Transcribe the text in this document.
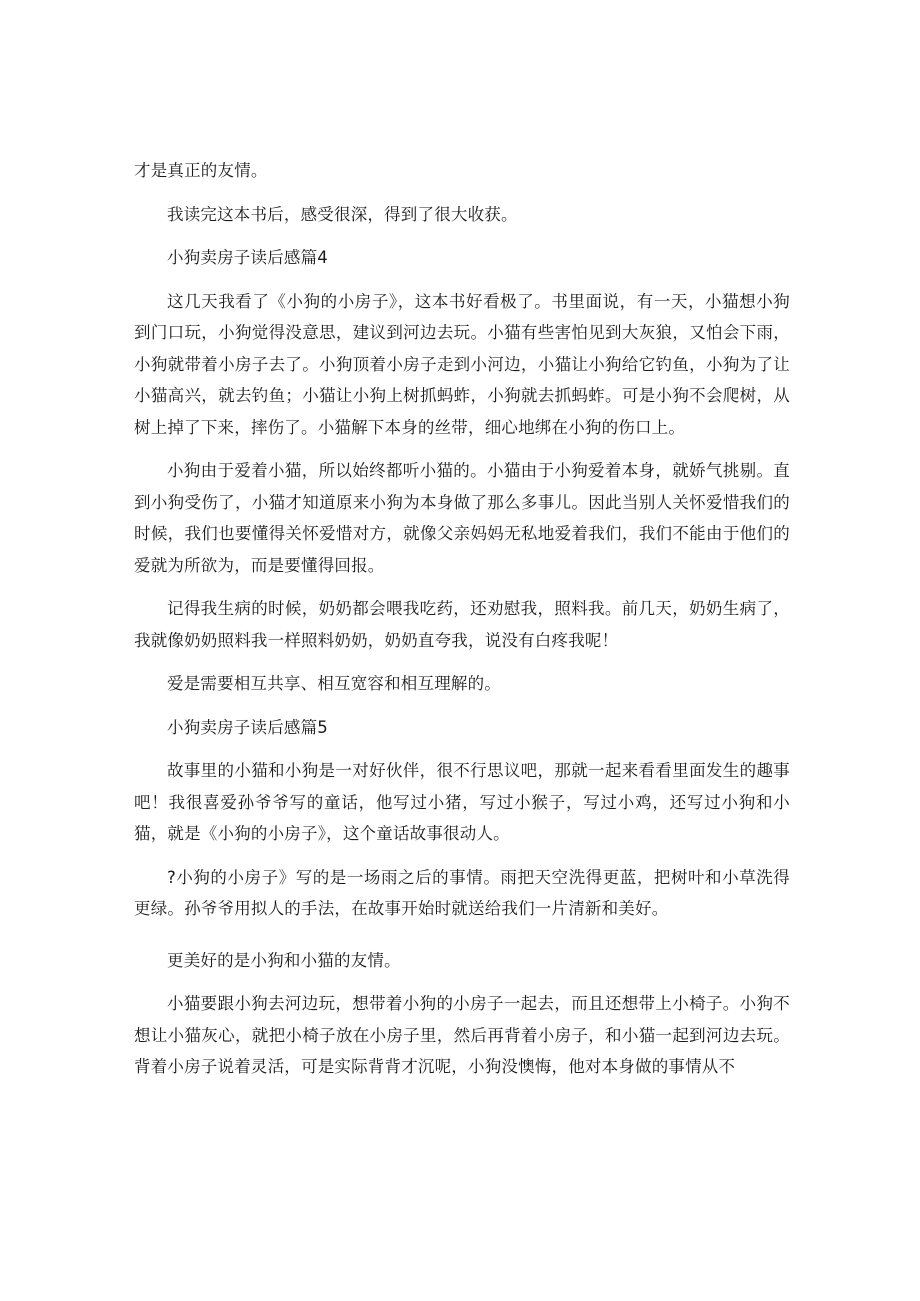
才是真正的友情。

我读完这本书后，感受很深，得到了很大收获。

小狗卖房子读后感篇4

这几天我看了《小狗的小房子》，这本书好看极了。书里面说，有一天，小猫想小狗到门口玩，小狗觉得没意思，建议到河边去玩。小猫有些害怕见到大灰狼，又怕会下雨，小狗就带着小房子去了。小狗顶着小房子走到小河边，小猫让小狗给它钓鱼，小狗为了让小猫高兴，就去钓鱼；小猫让小狗上树抓蚂蚱，小狗就去抓蚂蚱。可是小狗不会爬树，从树上掉了下来，摔伤了。小猫解下本身的丝带，细心地绑在小狗的伤口上。

小狗由于爱着小猫，所以始终都听小猫的。小猫由于小狗爱着本身，就娇气挑剔。直到小狗受伤了，小猫才知道原来小狗为本身做了那么多事儿。因此当别人关怀爱惜我们的时候，我们也要懂得关怀爱惜对方，就像父亲妈妈无私地爱着我们，我们不能由于他们的爱就为所欲为，而是要懂得回报。

记得我生病的时候，奶奶都会喂我吃药，还劝慰我，照料我。前几天，奶奶生病了，我就像奶奶照料我一样照料奶奶，奶奶直夸我，说没有白疼我呢！

爱是需要相互共享、相互宽容和相互理解的。

小狗卖房子读后感篇5

故事里的小猫和小狗是一对好伙伴，很不行思议吧，那就一起来看看里面发生的趣事吧！我很喜爱孙爷爷写的童话，他写过小猪，写过小猴子，写过小鸡，还写过小狗和小猫，就是《小狗的小房子》，这个童话故事很动人。

?小狗的小房子》写的是一场雨之后的事情。雨把天空洗得更蓝，把树叶和小草洗得更绿。孙爷爷用拟人的手法，在故事开始时就送给我们一片清新和美好。

更美好的是小狗和小猫的友情。

小猫要跟小狗去河边玩，想带着小狗的小房子一起去，而且还想带上小椅子。小狗不想让小猫灰心，就把小椅子放在小房子里，然后再背着小房子，和小猫一起到河边去玩。背着小房子说着灵活，可是实际背背才沉呢，小狗没懊悔，他对本身做的事情从不
